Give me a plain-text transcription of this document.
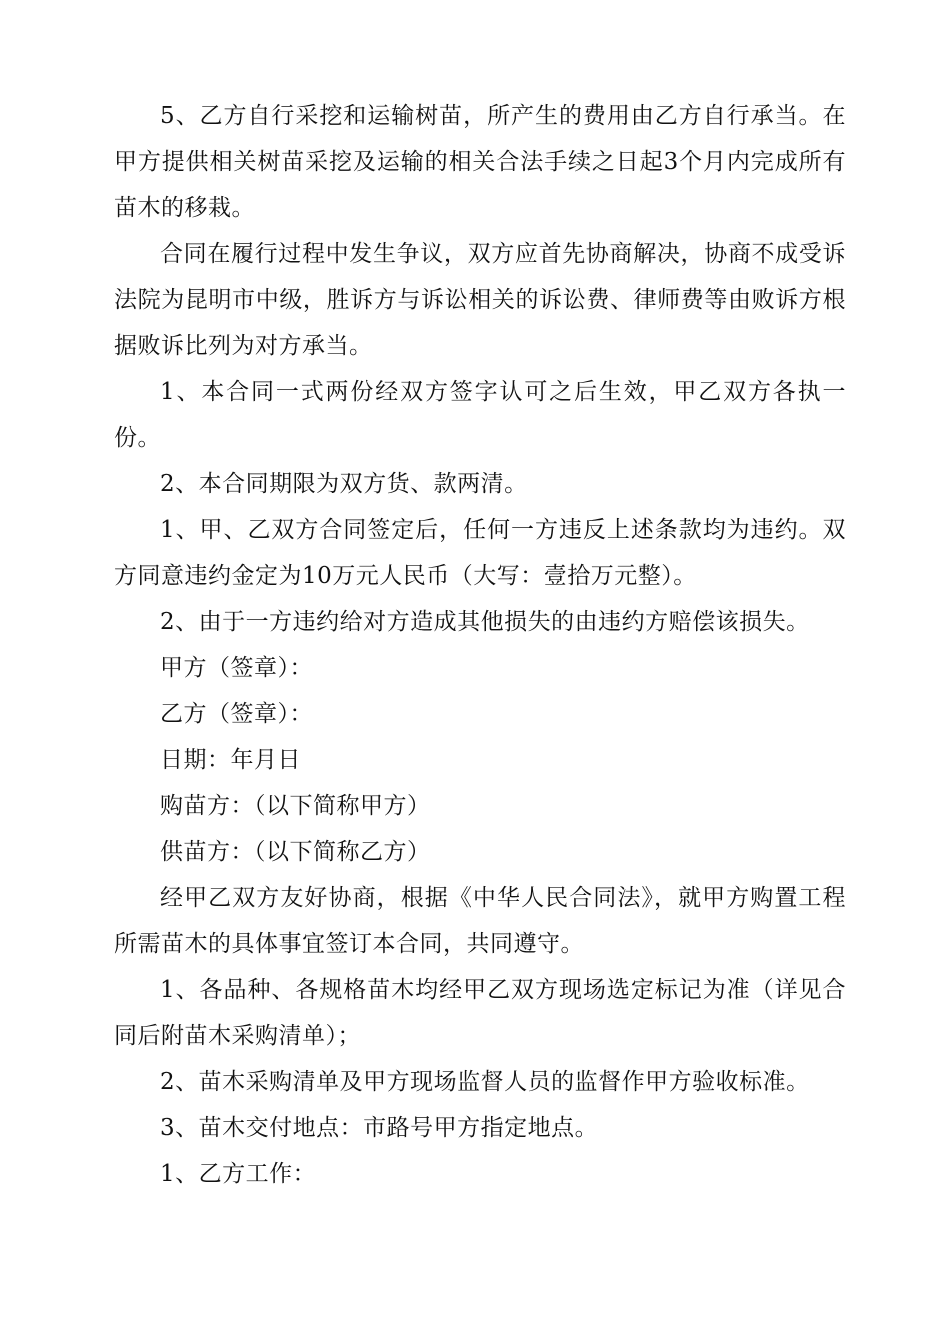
5、乙方自行采挖和运输树苗，所产生的费用由乙方自行承当。在甲方提供相关树苗采挖及运输的相关合法手续之日起3个月内完成所有苗木的移栽。

合同在履行过程中发生争议，双方应首先协商解决，协商不成受诉法院为昆明市中级，胜诉方与诉讼相关的诉讼费、律师费等由败诉方根据败诉比列为对方承当。

1、本合同一式两份经双方签字认可之后生效，甲乙双方各执一份。

2、本合同期限为双方货、款两清。

1、甲、乙双方合同签定后，任何一方违反上述条款均为违约。双方同意违约金定为10万元人民币（大写：壹拾万元整）。

2、由于一方违约给对方造成其他损失的由违约方赔偿该损失。

甲方（签章）：

乙方（签章）：

日期：年月日

购苗方：（以下简称甲方）

供苗方：（以下简称乙方）

经甲乙双方友好协商，根据《中华人民合同法》，就甲方购置工程所需苗木的具体事宜签订本合同，共同遵守。

1、各品种、各规格苗木均经甲乙双方现场选定标记为准（详见合同后附苗木采购清单）；

2、苗木采购清单及甲方现场监督人员的监督作甲方验收标准。

3、苗木交付地点：市路号甲方指定地点。

1、乙方工作：
